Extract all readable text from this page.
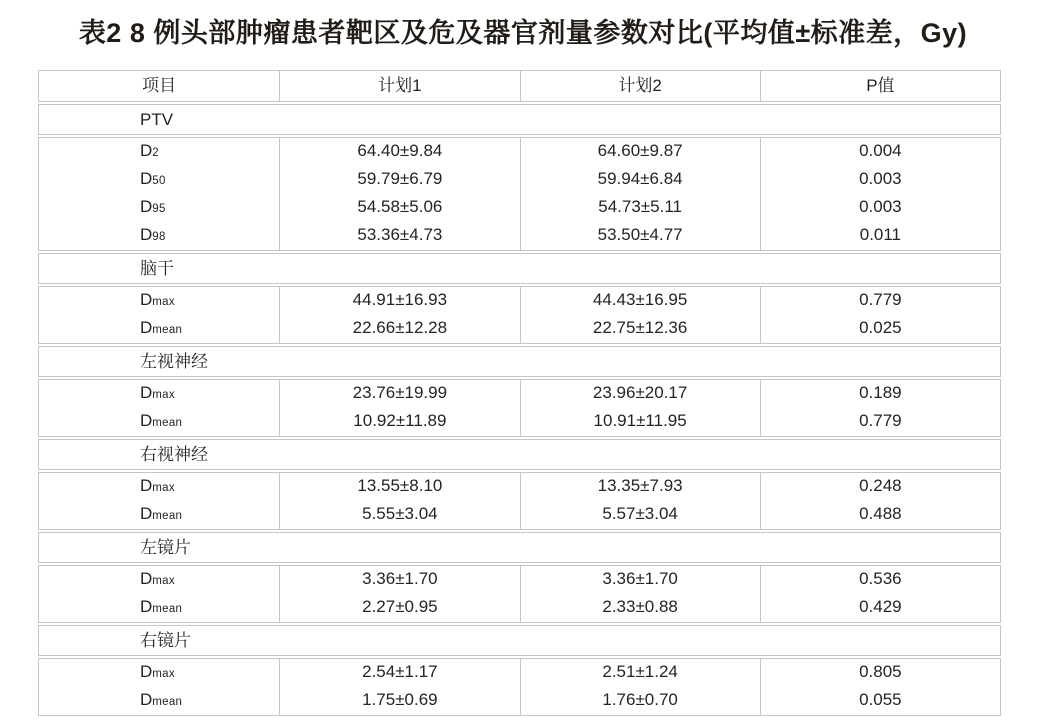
表2 8 例头部肿瘤患者靶区及危及器官剂量参数对比(平均值±标准差，Gy)
项目	计划1	计划2	P值
PTV
D2	64.40±9.84	64.60±9.87	0.004
D50	59.79±6.79	59.94±6.84	0.003
D95	54.58±5.06	54.73±5.11	0.003
D98	53.36±4.73	53.50±4.77	0.011
脑干
Dmax	44.91±16.93	44.43±16.95	0.779
Dmean	22.66±12.28	22.75±12.36	0.025
左视神经
Dmax	23.76±19.99	23.96±20.17	0.189
Dmean	10.92±11.89	10.91±11.95	0.779
右视神经
Dmax	13.55±8.10	13.35±7.93	0.248
Dmean	5.55±3.04	5.57±3.04	0.488
左镜片
Dmax	3.36±1.70	3.36±1.70	0.536
Dmean	2.27±0.95	2.33±0.88	0.429
右镜片
Dmax	2.54±1.17	2.51±1.24	0.805
Dmean	1.75±0.69	1.76±0.70	0.055
